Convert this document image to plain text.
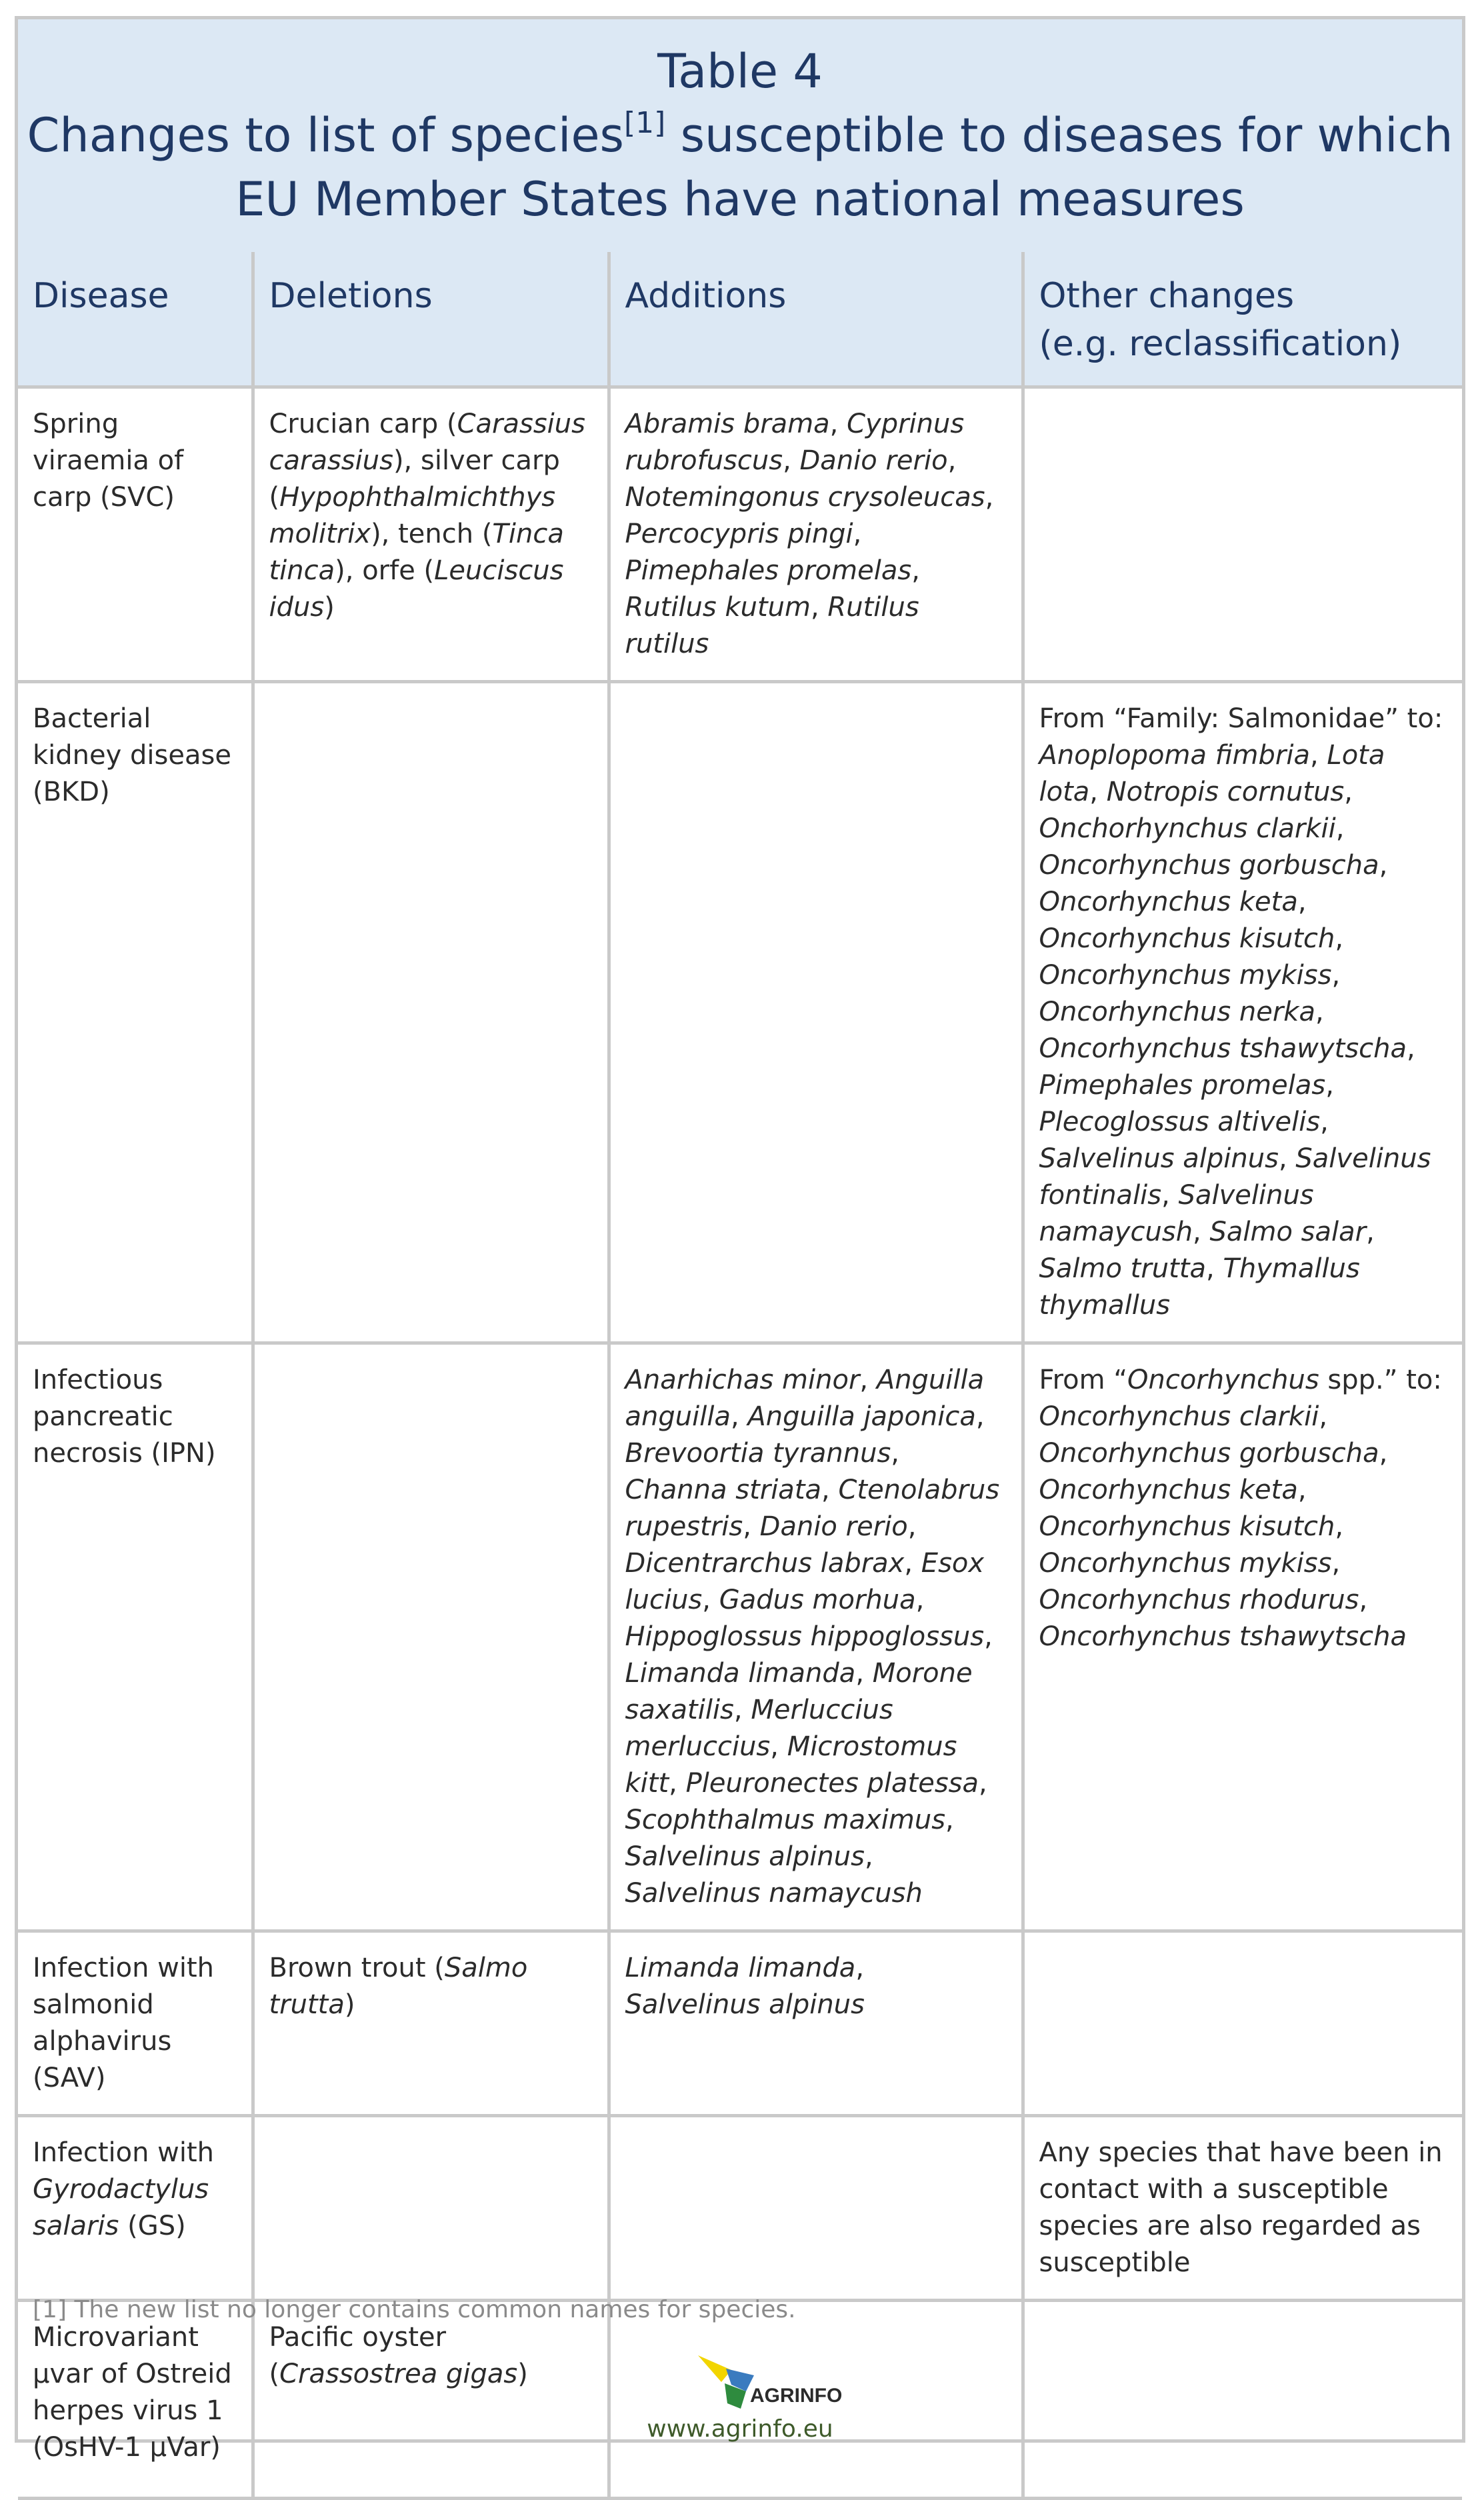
Table 4
Changes to list of species[1] susceptible to diseases for which
EU Member States have national measures
Disease	Deletions	Additions	Other changes
(e.g. reclassification)

Spring viraemia of carp (SVC)	Crucian carp (Carassius carassius), silver carp (Hypophthalmichthys molitrix), tench (Tinca tinca), orfe (Leuciscus idus)	Abramis brama, Cyprinus rubrofuscus, Danio rerio, Notemingonus crysoleucas, Percocypris pingi, Pimephales promelas, Rutilus kutum, Rutilus rutilus	
Bacterial kidney disease (BKD)			From “Family: Salmonidae” to: Anoplopoma fimbria, Lota lota, Notropis cornutus, Onchorhynchus clarkii, Oncorhynchus gorbuscha, Oncorhynchus keta, Oncorhynchus kisutch, Oncorhynchus mykiss, Oncorhynchus nerka, Oncorhynchus tshawytscha, Pimephales promelas, Plecoglossus altivelis, Salvelinus alpinus, Salvelinus fontinalis, Salvelinus namaycush, Salmo salar, Salmo trutta, Thymallus thymallus
Infectious pancreatic necrosis (IPN)		Anarhichas minor, Anguilla anguilla, Anguilla japonica, Brevoortia tyrannus, Channa striata, Ctenolabrus rupestris, Danio rerio, Dicentrarchus labrax, Esox lucius, Gadus morhua, Hippoglossus hippoglossus, Limanda limanda, Morone saxatilis, Merluccius merluccius, Microstomus kitt, Pleuronectes platessa, Scophthalmus maximus, Salvelinus alpinus, Salvelinus namaycush	From “Oncorhynchus spp.” to: Oncorhynchus clarkii, Oncorhynchus gorbuscha, Oncorhynchus keta, Oncorhynchus kisutch, Oncorhynchus mykiss, Oncorhynchus rhodurus, Oncorhynchus tshawytscha
Infection with salmonid alphavirus (SAV)	Brown trout (Salmo trutta)	Limanda limanda, Salvelinus alpinus	
Infection with Gyrodactylus salaris (GS)			Any species that have been in contact with a susceptible species are also regarded as susceptible
Microvariant µvar of Ostreid herpes virus 1 (OsHV-1 µVar)	Pacific oyster (Crassostrea gigas)		
[1] The new list no longer contains common names for species.
AGRINFO
www.agrinfo.eu
